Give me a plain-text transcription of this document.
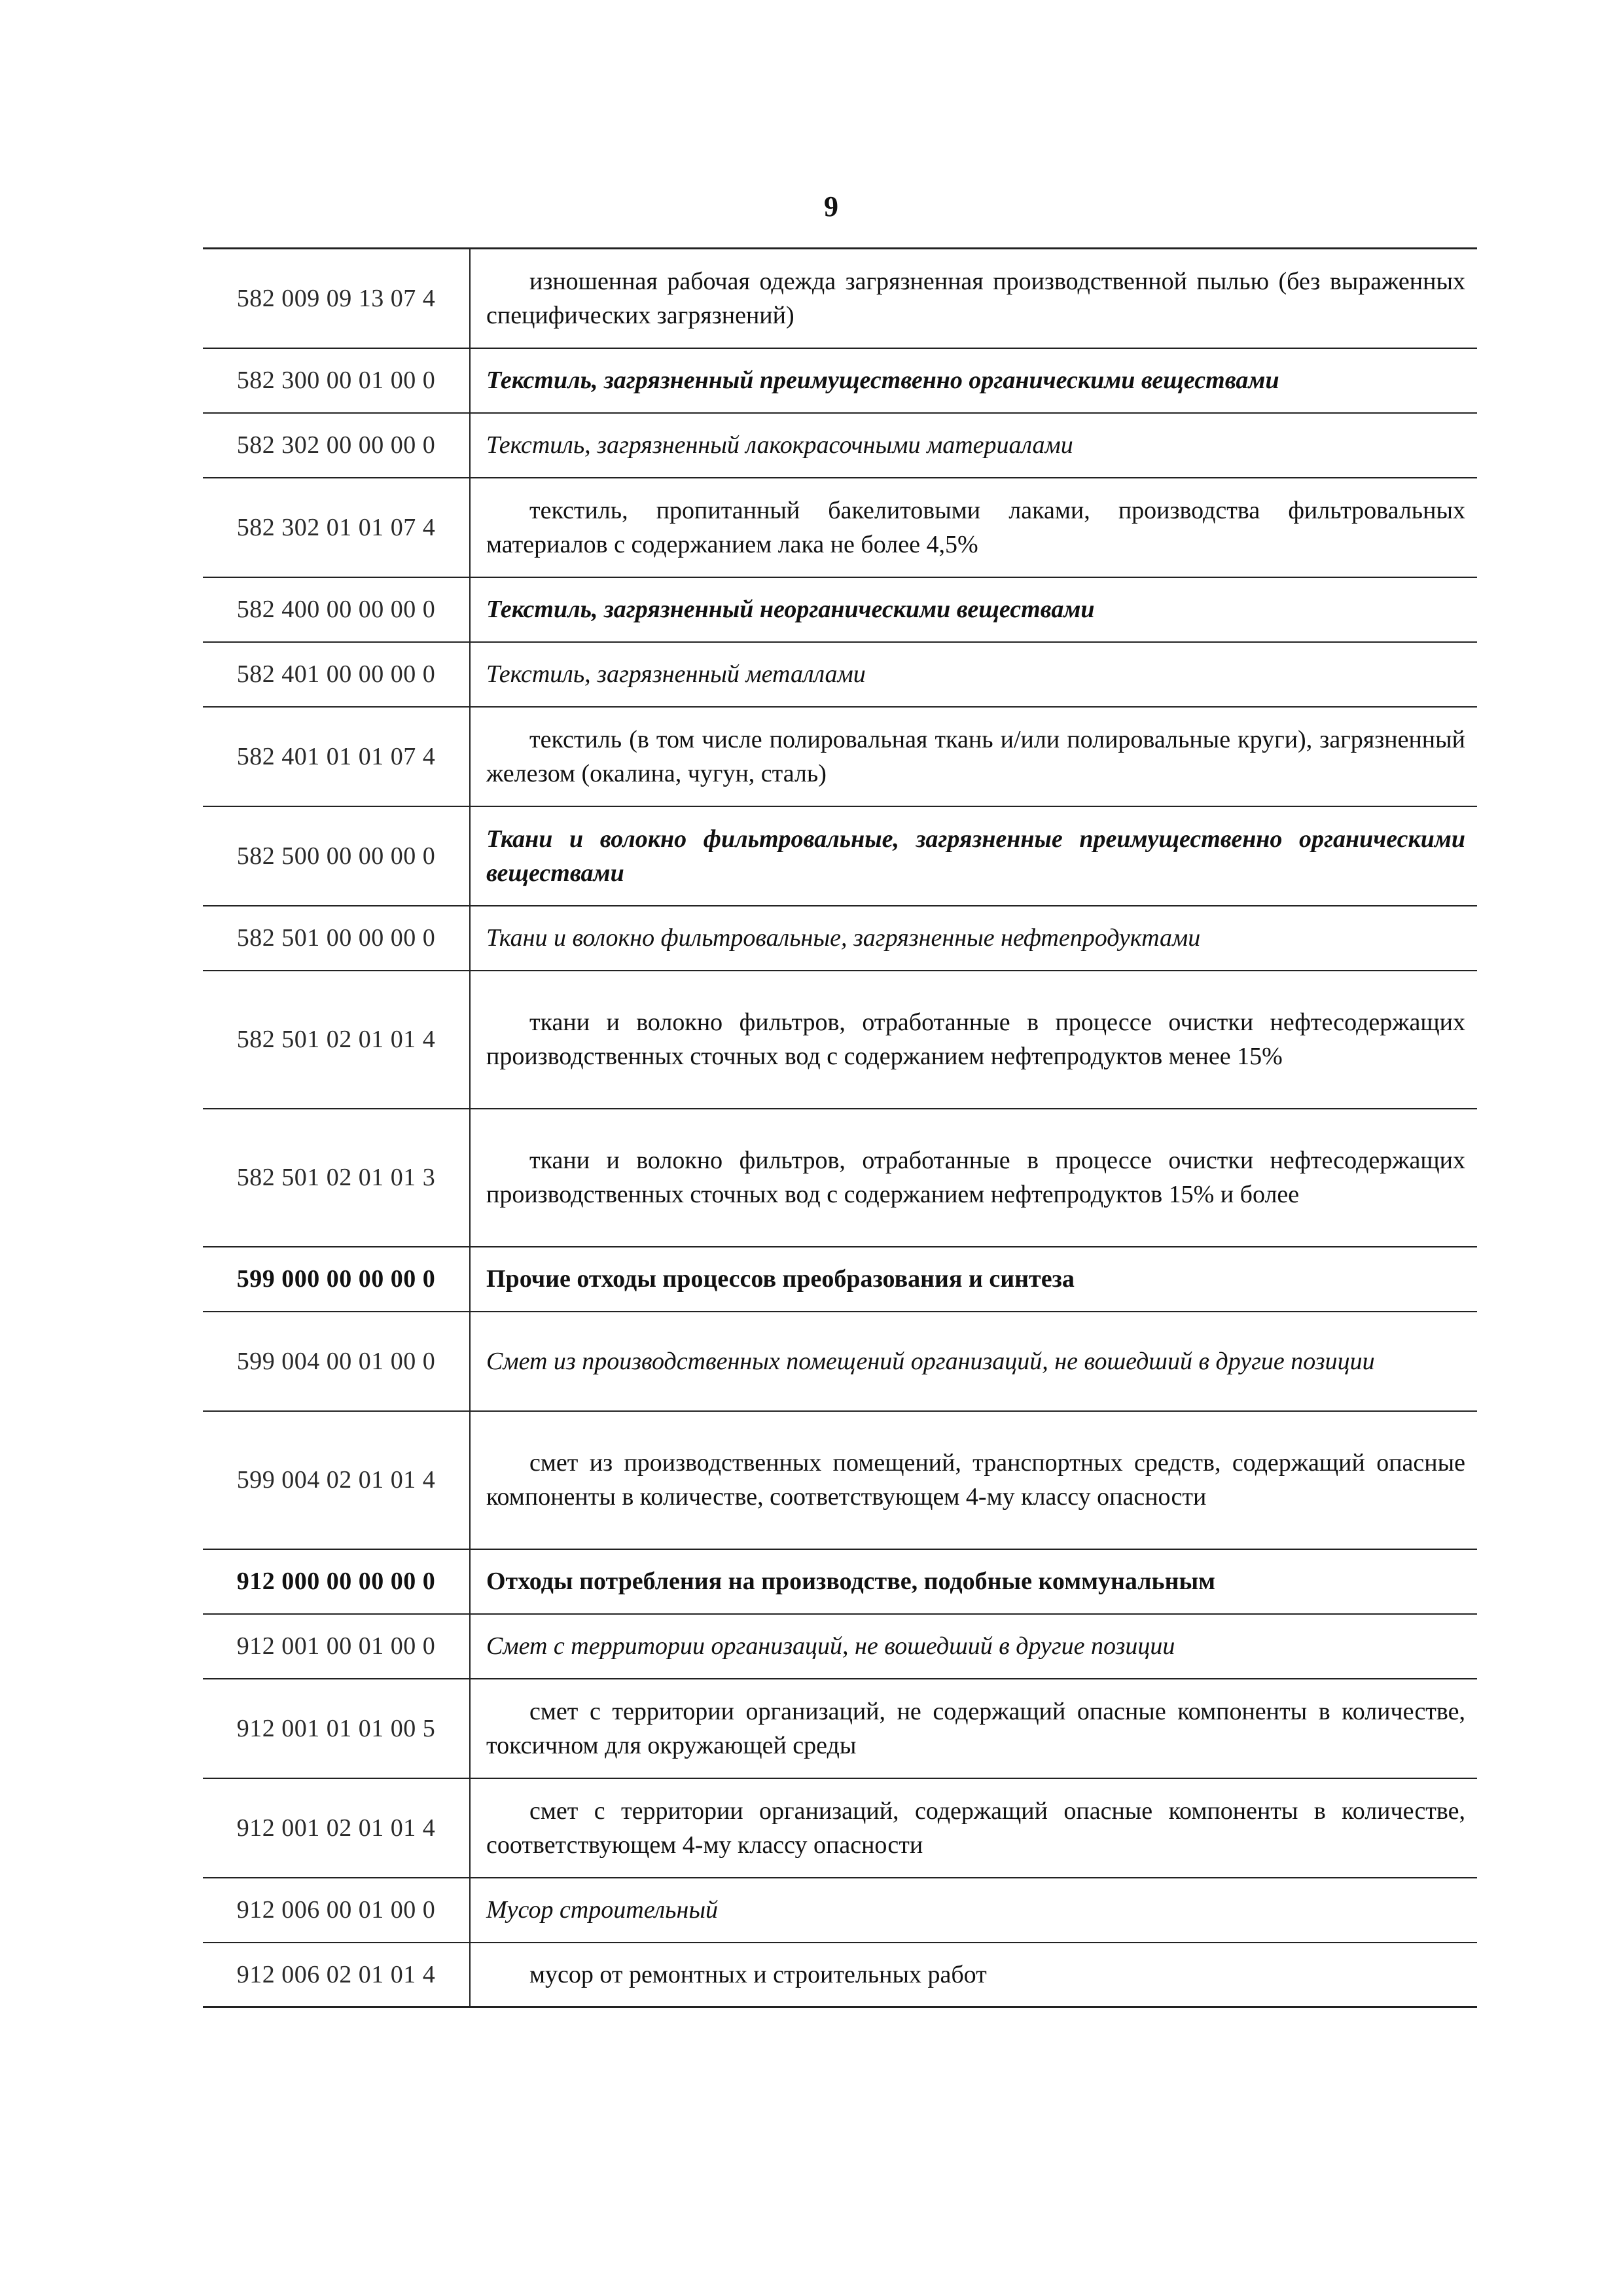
9
582 009 09 13 07 4	изношенная рабочая одежда загрязненная производственной пылью (без выраженных специфических загрязнений)

582 300 00 01 00 0	Текстиль, загрязненный преимущественно органическими веществами

582 302 00 00 00 0	Текстиль, загрязненный лакокрасочными материалами

582 302 01 01 07 4	текстиль, пропитанный бакелитовыми лаками, производства фильтровальных материалов с содержанием лака не более 4,5%

582 400 00 00 00 0	Текстиль, загрязненный неорганическими веществами

582 401 00 00 00 0	Текстиль, загрязненный металлами

582 401 01 01 07 4	текстиль (в том числе полировальная ткань и/или полировальные круги), загрязненный железом (окалина, чугун, сталь)

582 500 00 00 00 0	Ткани и волокно фильтровальные, загрязненные преимущественно органическими веществами

582 501 00 00 00 0	Ткани и волокно фильтровальные, загрязненные нефтепродуктами

582 501 02 01 01 4	ткани и волокно фильтров, отработанные в процессе очистки нефтесодержащих производственных сточных вод с содержанием нефтепродуктов менее 15%

582 501 02 01 01 3	ткани и волокно фильтров, отработанные в процессе очистки нефтесодержащих производственных сточных вод с содержанием нефтепродуктов 15% и более

599 000 00 00 00 0	Прочие отходы процессов преобразования и синтеза

599 004 00 01 00 0	Смет из производственных помещений организаций, не вошедший в другие позиции

599 004 02 01 01 4	смет из производственных помещений, транспортных средств, содержащий опасные компоненты в количестве, соответствующем 4-му классу опасности

912 000 00 00 00 0	Отходы потребления на производстве, подобные коммунальным

912 001 00 01 00 0	Смет с территории организаций, не вошедший в другие позиции

912 001 01 01 00 5	смет с территории организаций, не содержащий опасные компоненты в количестве, токсичном для окружающей среды

912 001 02 01 01 4	смет с территории организаций, содержащий опасные компоненты в количестве, соответствующем 4-му классу опасности

912 006 00 01 00 0	Мусор строительный

912 006 02 01 01 4	мусор от ремонтных и строительных работ
